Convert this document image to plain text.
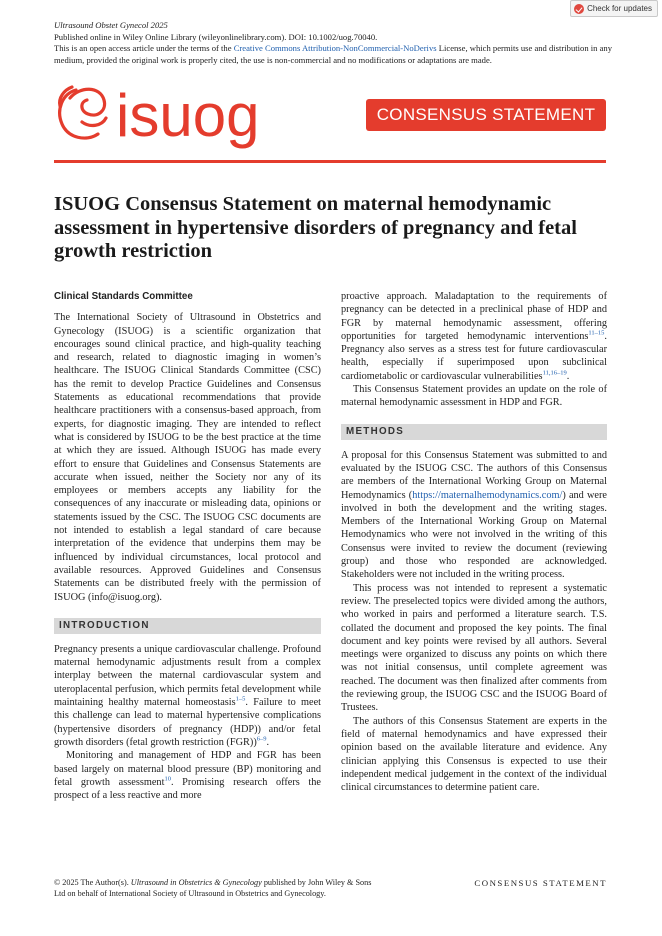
Ultrasound Obstet Gynecol 2025
Published online in Wiley Online Library (wileyonlinelibrary.com). DOI: 10.1002/uog.70040.
This is an open access article under the terms of the Creative Commons Attribution-NonCommercial-NoDerivs License, which permits use and distribution in any medium, provided the original work is properly cited, the use is non-commercial and no modifications or adaptations are made.
Check for updates
isuog	CONSENSUS STATEMENT
ISUOG Consensus Statement on maternal hemodynamic assessment in hypertensive disorders of pregnancy and fetal growth restriction

Clinical Standards Committee

The International Society of Ultrasound in Obstetrics and Gynecology (ISUOG) is a scientific organization that encourages sound clinical practice, and high-quality teaching and research, related to diagnostic imaging in women’s healthcare. The ISUOG Clinical Standards Committee (CSC) has the remit to develop Practice Guidelines and Consensus Statements as educational recommendations that provide healthcare practitioners with a consensus-based approach, from experts, for diagnostic imaging. They are intended to reflect what is considered by ISUOG to be the best practice at the time at which they are issued. Although ISUOG has made every effort to ensure that Guidelines and Consensus Statements are accurate when issued, neither the Society nor any of its employees or members accepts any liability for the consequences of any inaccurate or misleading data, opinions or statements issued by the CSC. The ISUOG CSC documents are not intended to establish a legal standard of care because interpretation of the evidence that underpins them may be influenced by individual circumstances, local protocol and available resources. Approved Guidelines and Consensus Statements can be distributed freely with the permission of ISUOG (info@isuog.org).

INTRODUCTION

Pregnancy presents a unique cardiovascular challenge. Profound maternal hemodynamic adjustments result from a complex interplay between the maternal cardiovascular system and uteroplacental perfusion, which permits fetal development while maintaining healthy maternal homeostasis$^{1-5}$. Failure to meet this challenge can lead to maternal hypertensive complications (hypertensive disorders of pregnancy (HDP)) and/or fetal growth disorders (fetal growth restriction (FGR))$^{6-9}$.

Monitoring and management of HDP and FGR has been based largely on maternal blood pressure (BP) monitoring and fetal growth assessment$^{10}$. Promising research offers the prospect of a less reactive and more

proactive approach. Maladaptation to the requirements of pregnancy can be detected in a preclinical phase of HDP and FGR by maternal hemodynamic assessment, offering opportunities for targeted hemodynamic interventions$^{11-15}$. Pregnancy also serves as a stress test for future cardiovascular health, especially if superimposed upon subclinical cardiometabolic or cardiovascular vulnerabilities$^{11,16-19}$.

This Consensus Statement provides an update on the role of maternal hemodynamic assessment in HDP and FGR.

METHODS

A proposal for this Consensus Statement was submitted to and evaluated by the ISUOG CSC. The authors of this Consensus are members of the International Working Group on Maternal Hemodynamics (https://maternalhemodynamics.com/) and were involved in both the development and the writing stages. Members of the International Working Group on Maternal Hemodynamics who were not involved in the writing of this Consensus were invited to review the document (reviewing group) and those who responded are acknowledged. Stakeholders were not included in the writing process.

This process was not intended to represent a systematic review. The preselected topics were divided among the authors, who worked in pairs and performed a literature search. T.S. collated the document and proposed the key points. The final document and key points were revised by all authors. Several meetings were organized to discuss any points on which there was not initial consensus, until complete agreement was reached. The document was then finalized after comments from the reviewing group, the ISUOG CSC and the ISUOG Board of Trustees.

The authors of this Consensus Statement are experts in the field of maternal hemodynamics and have expressed their opinion based on the available literature and evidence. Any clinician applying this Consensus is expected to use their independent medical judgement in the context of the individual clinical circumstances to determine patient care.

© 2025 The Author(s). Ultrasound in Obstetrics & Gynecology published by John Wiley & Sons Ltd on behalf of International Society of Ultrasound in Obstetrics and Gynecology.
CONSENSUS STATEMENT
